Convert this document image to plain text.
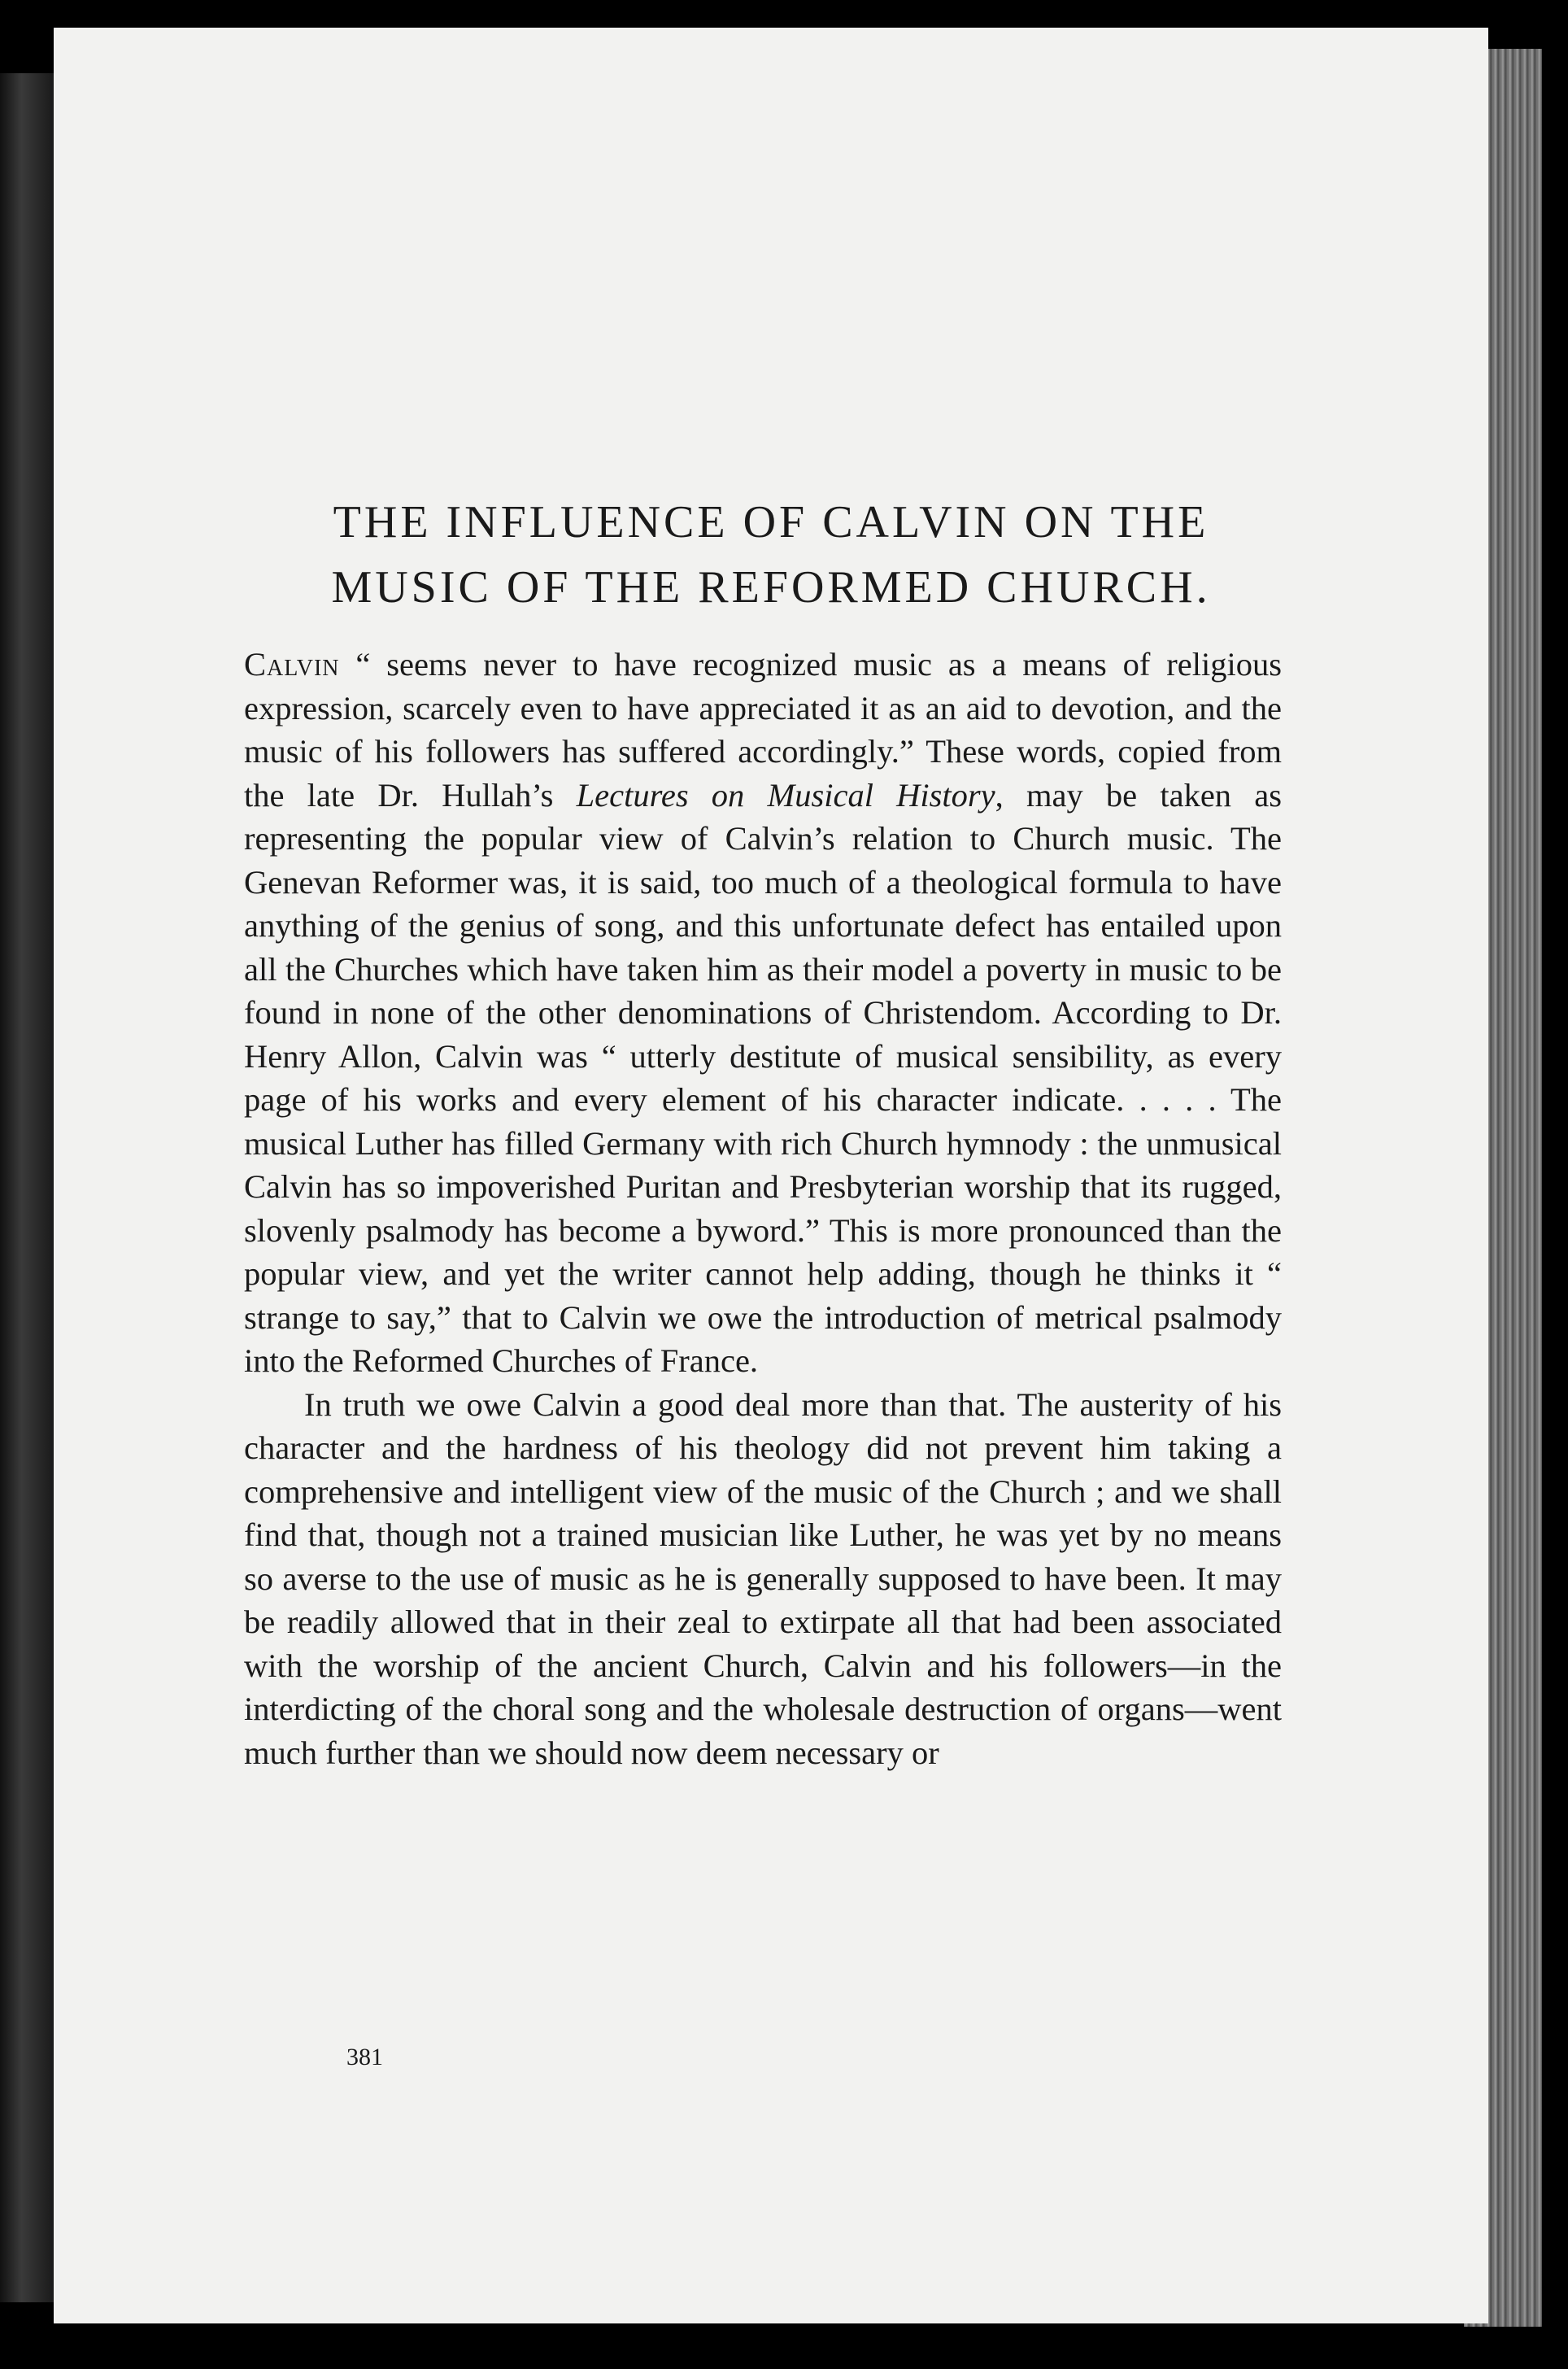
THE INFLUENCE OF CALVIN ON THE
MUSIC OF THE REFORMED CHURCH.

Calvin “ seems never to have recognized music as a means of religious expression, scarcely even to have appreciated it as an aid to devotion, and the music of his followers has suffered accordingly.” These words, copied from the late Dr. Hullah’s Lectures on Musical History, may be taken as representing the popular view of Calvin’s relation to Church music. The Genevan Reformer was, it is said, too much of a theological formula to have anything of the genius of song, and this unfortunate defect has entailed upon all the Churches which have taken him as their model a poverty in music to be found in none of the other denominations of Christendom. According to Dr. Henry Allon, Calvin was “ utterly destitute of musical sensibility, as every page of his works and every element of his character indicate. . . . . The musical Luther has filled Germany with rich Church hymnody : the unmusical Calvin has so impoverished Puritan and Presbyterian worship that its rugged, slovenly psalmody has become a byword.” This is more pronounced than the popular view, and yet the writer cannot help adding, though he thinks it “ strange to say,” that to Calvin we owe the introduction of metrical psalmody into the Reformed Churches of France.

In truth we owe Calvin a good deal more than that. The austerity of his character and the hardness of his theology did not prevent him taking a comprehensive and intelligent view of the music of the Church ; and we shall find that, though not a trained musician like Luther, he was yet by no means so averse to the use of music as he is generally supposed to have been. It may be readily allowed that in their zeal to extirpate all that had been associated with the worship of the ancient Church, Calvin and his followers—in the interdicting of the choral song and the wholesale destruction of organs—went much further than we should now deem necessary or

381
